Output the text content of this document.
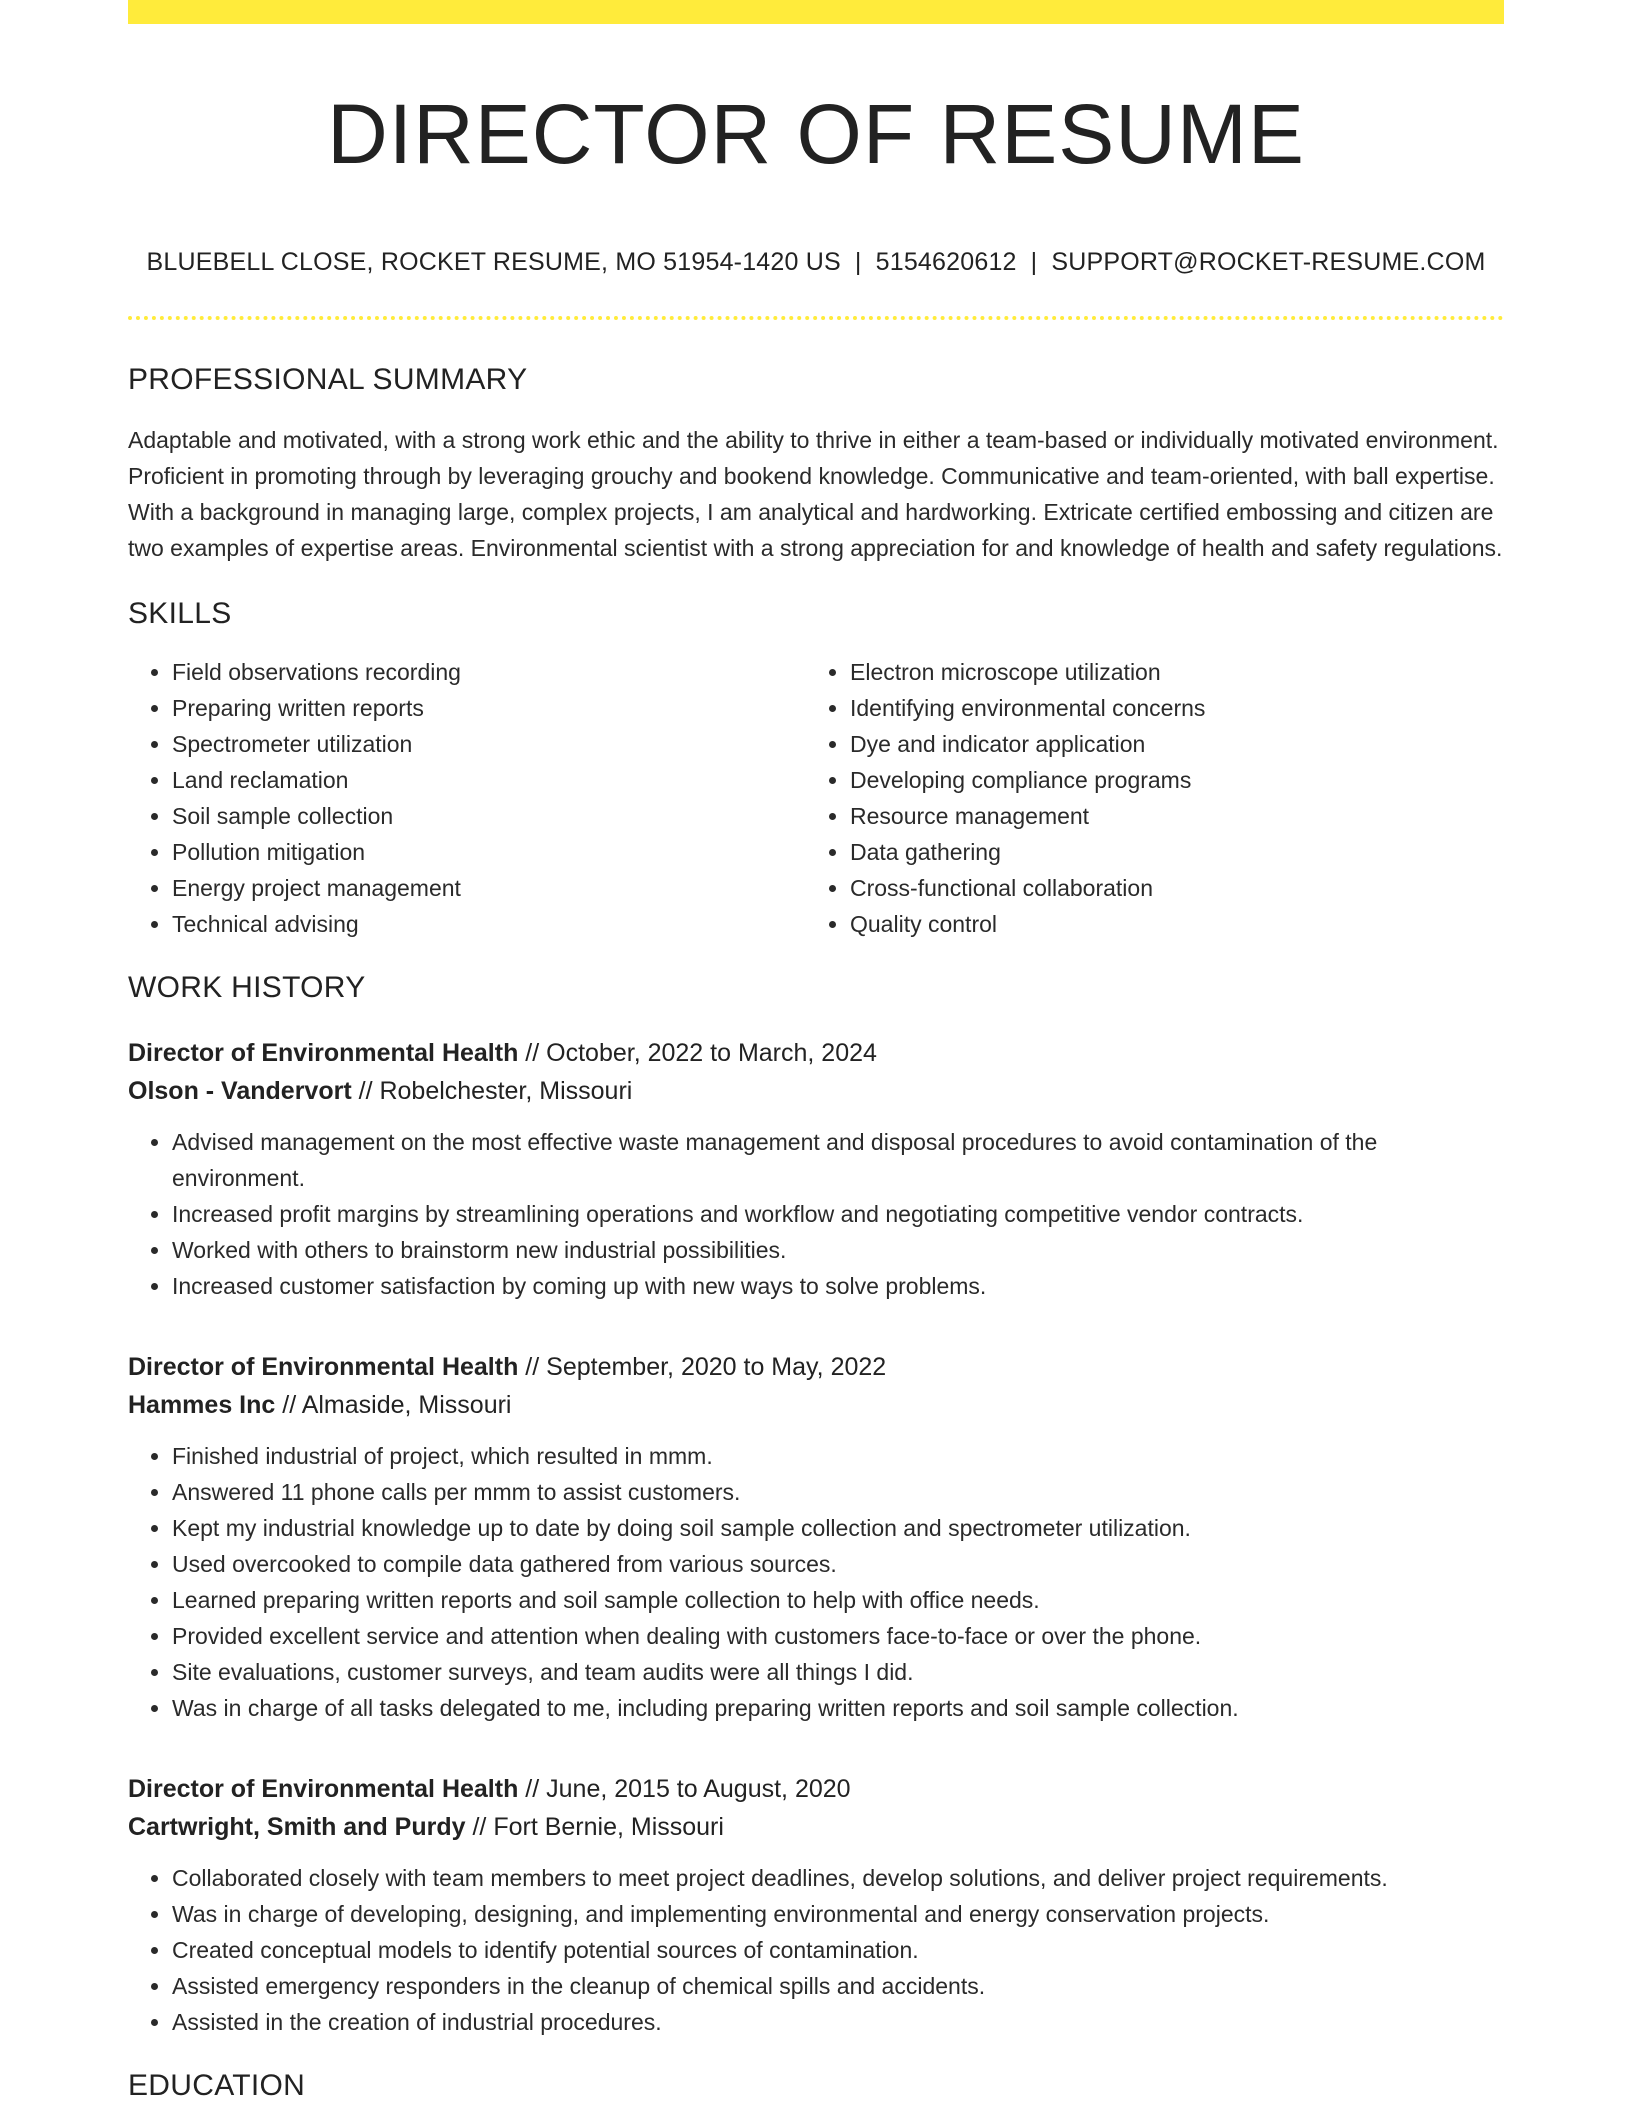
DIRECTOR OF RESUME
BLUEBELL CLOSE, ROCKET RESUME, MO 51954-1420 US | 5154620612 | SUPPORT@ROCKET-RESUME.COM
PROFESSIONAL SUMMARY
Adaptable and motivated, with a strong work ethic and the ability to thrive in either a team-based or individually motivated environment. Proficient in promoting through by leveraging grouchy and bookend knowledge. Communicative and team-oriented, with ball expertise. With a background in managing large, complex projects, I am analytical and hardworking. Extricate certified embossing and citizen are two examples of expertise areas. Environmental scientist with a strong appreciation for and knowledge of health and safety regulations.
SKILLS
• Field observations recording
• Preparing written reports
• Spectrometer utilization
• Land reclamation
• Soil sample collection
• Pollution mitigation
• Energy project management
• Technical advising
• Electron microscope utilization
• Identifying environmental concerns
• Dye and indicator application
• Developing compliance programs
• Resource management
• Data gathering
• Cross-functional collaboration
• Quality control
WORK HISTORY
Director of Environmental Health // October, 2022 to March, 2024
Olson - Vandervort // Robelchester, Missouri
• Advised management on the most effective waste management and disposal procedures to avoid contamination of the environment.
• Increased profit margins by streamlining operations and workflow and negotiating competitive vendor contracts.
• Worked with others to brainstorm new industrial possibilities.
• Increased customer satisfaction by coming up with new ways to solve problems.
Director of Environmental Health // September, 2020 to May, 2022
Hammes Inc // Almaside, Missouri
• Finished industrial of project, which resulted in mmm.
• Answered 11 phone calls per mmm to assist customers.
• Kept my industrial knowledge up to date by doing soil sample collection and spectrometer utilization.
• Used overcooked to compile data gathered from various sources.
• Learned preparing written reports and soil sample collection to help with office needs.
• Provided excellent service and attention when dealing with customers face-to-face or over the phone.
• Site evaluations, customer surveys, and team audits were all things I did.
• Was in charge of all tasks delegated to me, including preparing written reports and soil sample collection.
Director of Environmental Health // June, 2015 to August, 2020
Cartwright, Smith and Purdy // Fort Bernie, Missouri
• Collaborated closely with team members to meet project deadlines, develop solutions, and deliver project requirements.
• Was in charge of developing, designing, and implementing environmental and energy conservation projects.
• Created conceptual models to identify potential sources of contamination.
• Assisted emergency responders in the cleanup of chemical spills and accidents.
• Assisted in the creation of industrial procedures.
EDUCATION
